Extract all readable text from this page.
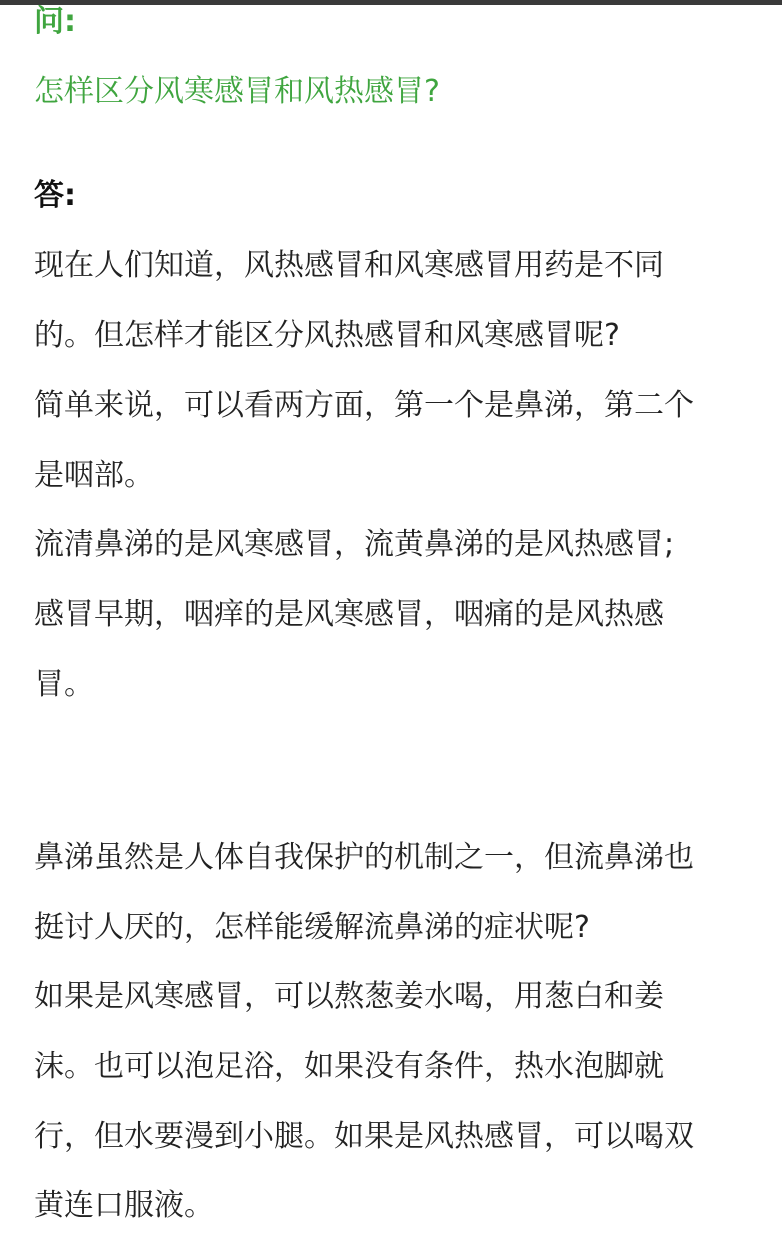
问:

怎样区分风寒感冒和风热感冒?

答:

现在人们知道，风热感冒和风寒感冒用药是不同

的。但怎样才能区分风热感冒和风寒感冒呢?

简单来说，可以看两方面，第一个是鼻涕，第二个

是咽部。

流清鼻涕的是风寒感冒，流黄鼻涕的是风热感冒;

感冒早期，咽痒的是风寒感冒，咽痛的是风热感

冒。

鼻涕虽然是人体自我保护的机制之一，但流鼻涕也

挺讨人厌的，怎样能缓解流鼻涕的症状呢?

如果是风寒感冒，可以熬葱姜水喝，用葱白和姜

沫。也可以泡足浴，如果没有条件，热水泡脚就

行，但水要漫到小腿。如果是风热感冒，可以喝双

黄连口服液。
